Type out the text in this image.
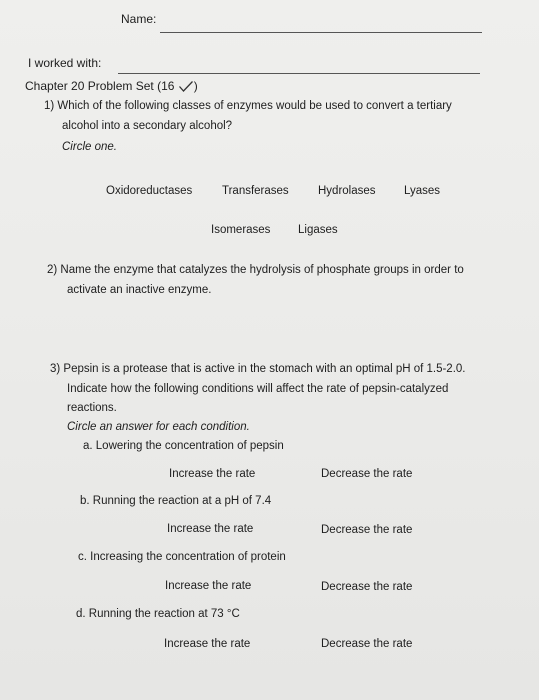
Name:
I worked with:
Chapter 20 Problem Set (16 )
1) Which of the following classes of enzymes would be used to convert a tertiary
alcohol into a secondary alcohol?
Circle one.
Oxidoreductases	Transferases	Hydrolases Lyases
Isomerases Ligases
2) Name the enzyme that catalyzes the hydrolysis of phosphate groups in order to
activate an inactive enzyme.
3) Pepsin is a protease that is active in the stomach with an optimal pH of 1.5-2.0.
Indicate how the following conditions will affect the rate of pepsin-catalyzed
reactions.
Circle an answer for each condition.
a. Lowering the concentration of pepsin
Increase the rate	Decrease the rate
b. Running the reaction at a pH of 7.4
Increase the rate	Decrease the rate
c. Increasing the concentration of protein
Increase the rate	Decrease the rate
d. Running the reaction at 73 °C
Increase the rate	Decrease the rate
